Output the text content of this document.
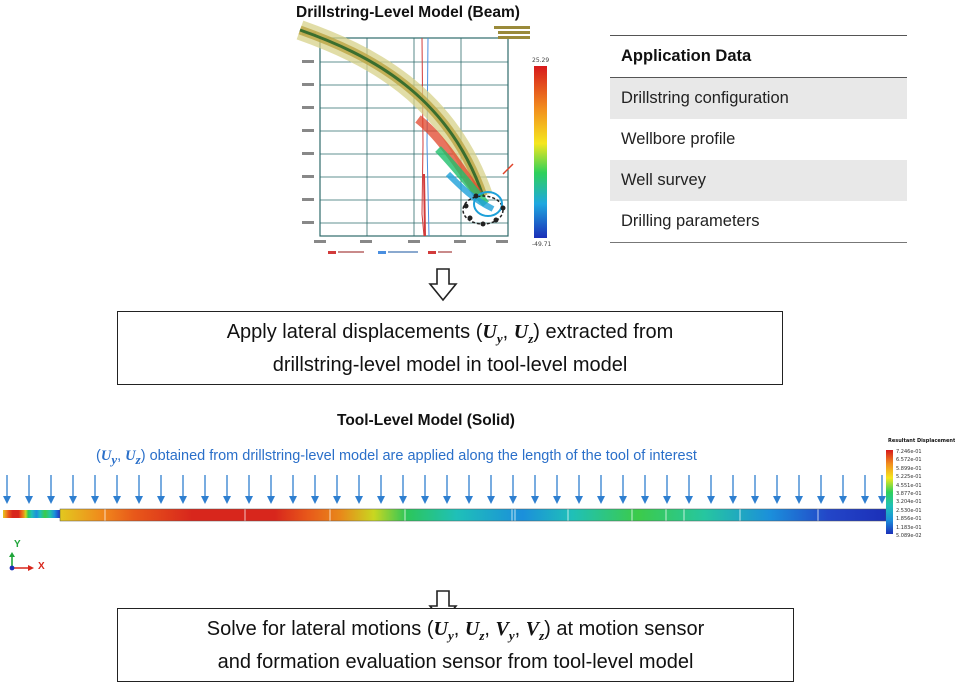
Drillstring-Level Model (Beam)
25.29
-49.71
Application Data
Drillstring configuration
Wellbore profile
Well survey
Drilling parameters
Apply lateral displacements ($U_y$, $U_z$) extracted from
drillstring-level model in tool-level model
Tool-Level Model (Solid)
($U_y$, $U_z$) obtained from drillstring-level model are applied along the length of the tool of interest
Resultant Displacement
7.246e-01
6.572e-01
5.899e-01
5.225e-01
4.551e-01
3.877e-01
3.204e-01
2.530e-01
1.856e-01
1.183e-01
5.089e-02
Y
X
Solve for lateral motions ($U_y$, $U_z$, $V_y$, $V_z$) at motion sensor
and formation evaluation sensor from tool-level model
